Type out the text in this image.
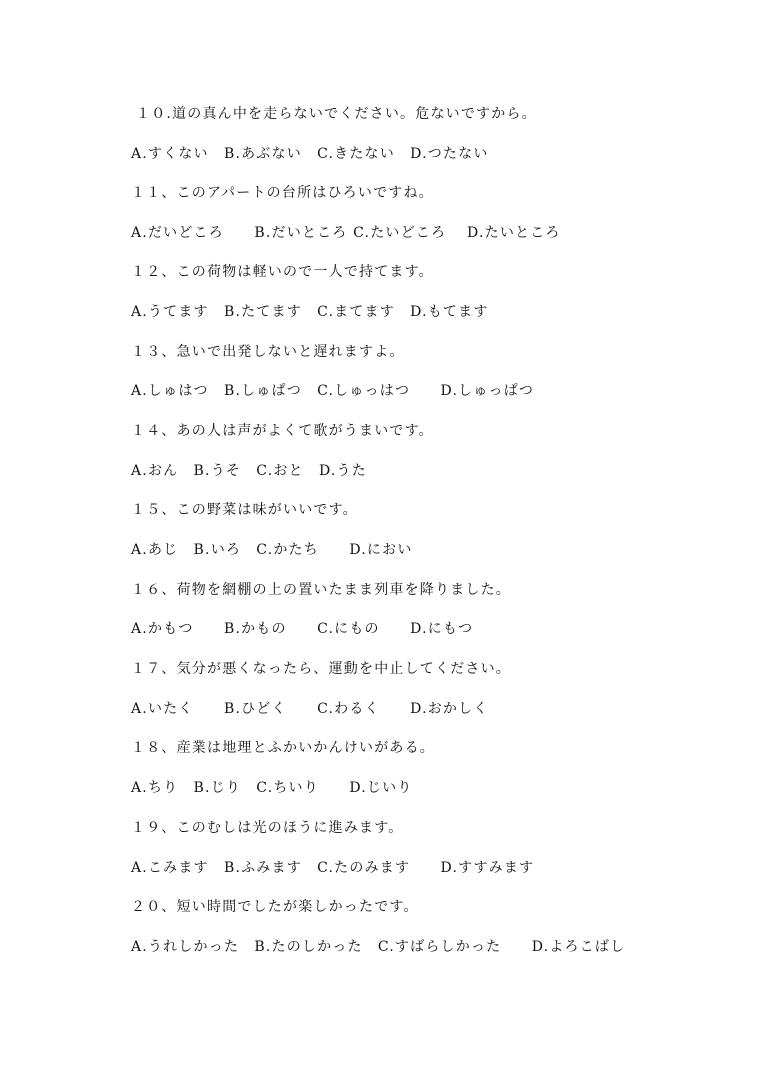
１０.道の真ん中を走らないでください。危ないですから。
A.すくない　B.あぶない　C.きたない　D.つたない
１１、このアパートの台所はひろいですね。
A.だいどころ　　B.だいところ C.たいどころ　 D.たいところ
１２、この荷物は軽いので一人で持てます。
A.うてます　B.たてます　C.まてます　D.もてます
１３、急いで出発しないと遅れますよ。
A.しゅはつ　B.しゅぱつ　C.しゅっはつ　　D.しゅっぱつ
１４、あの人は声がよくて歌がうまいです。
A.おん　B.うそ　C.おと　D.うた
１５、この野菜は味がいいです。
A.あじ　B.いろ　C.かたち　　D.におい
１６、荷物を網棚の上の置いたまま列車を降りました。
A.かもつ　　B.かもの　　C.にもの　　D.にもつ
１７、気分が悪くなったら、運動を中止してください。
A.いたく　　B.ひどく　　C.わるく　　D.おかしく
１８、産業は地理とふかいかんけいがある。
A.ちり　B.じり　C.ちいり　　D.じいり
１９、このむしは光のほうに進みます。
A.こみます　B.ふみます　C.たのみます　　D.すすみます
２０、短い時間でしたが楽しかったです。
A.うれしかった　B.たのしかった　C.すばらしかった　　D.よろこばし
